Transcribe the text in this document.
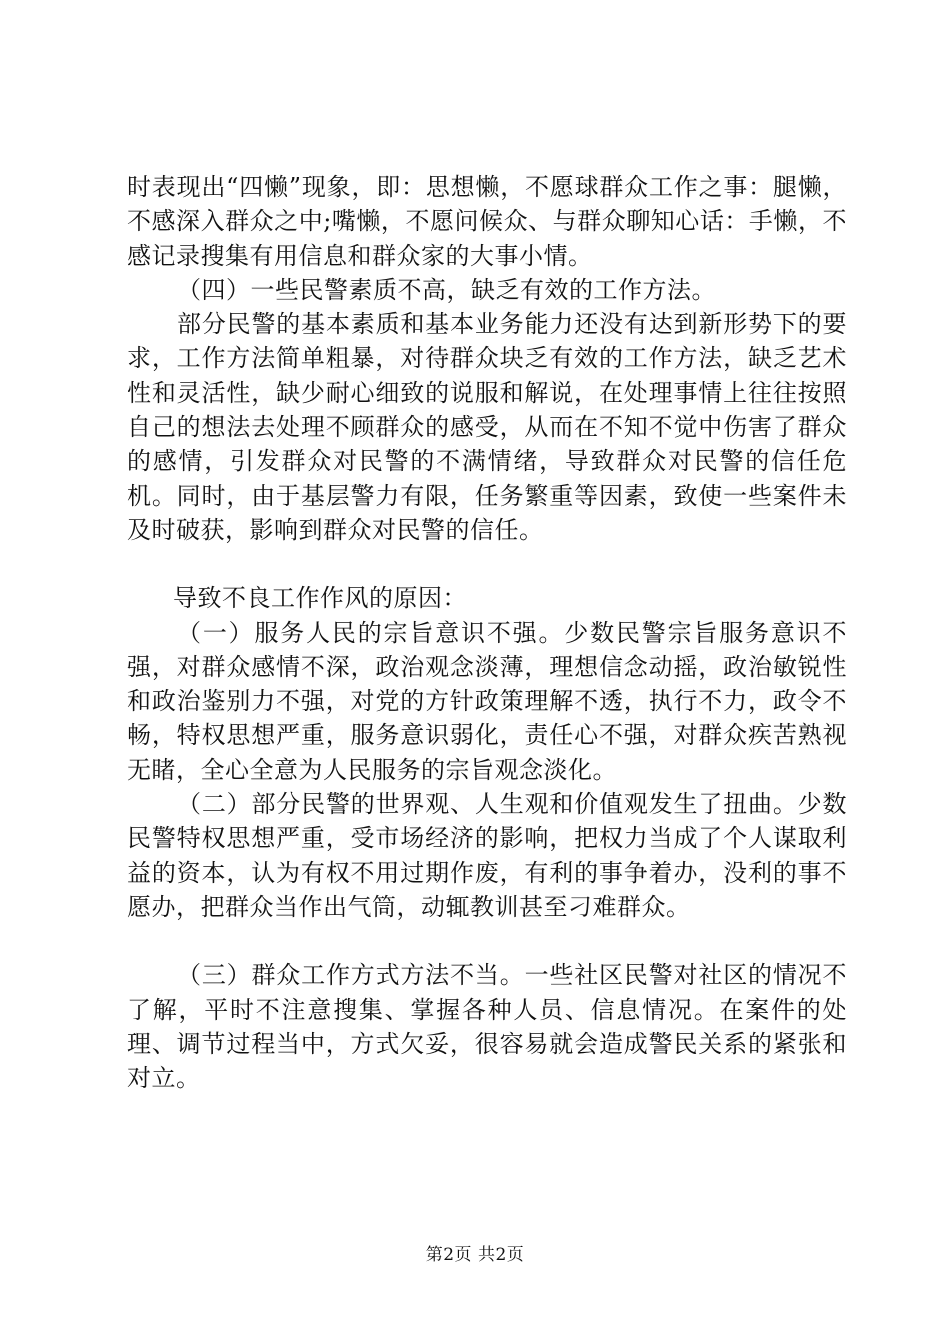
时表现出“四懒”现象，即：思想懒，不愿球群众工作之事：腿懒，不感深入群众之中;嘴懒，不愿问候众、与群众聊知心话：手懒，不感记录搜集有用信息和群众家的大事小情。

（四）一些民警素质不高，缺乏有效的工作方法。

部分民警的基本素质和基本业务能力还没有达到新形势下的要求，工作方法简单粗暴，对待群众块乏有效的工作方法，缺乏艺术性和灵活性，缺少耐心细致的说服和解说，在处理事情上往往按照自己的想法去处理不顾群众的感受，从而在不知不觉中伤害了群众的感情，引发群众对民警的不满情绪，导致群众对民警的信任危机。同时，由于基层警力有限，任务繁重等因素，致使一些案件未及时破获，影响到群众对民警的信任。

导致不良工作作风的原因：

（一）服务人民的宗旨意识不强。少数民警宗旨服务意识不强，对群众感情不深，政治观念淡薄，理想信念动摇，政治敏锐性和政治鉴别力不强，对党的方针政策理解不透，执行不力，政令不畅，特权思想严重，服务意识弱化，责任心不强，对群众疾苦熟视无睹，全心全意为人民服务的宗旨观念淡化。

（二）部分民警的世界观、人生观和价值观发生了扭曲。少数民警特权思想严重，受市场经济的影响，把权力当成了个人谋取利益的资本，认为有权不用过期作废，有利的事争着办，没利的事不愿办，把群众当作出气筒，动辄教训甚至刁难群众。

（三）群众工作方式方法不当。一些社区民警对社区的情况不了解，平时不注意搜集、掌握各种人员、信息情况。在案件的处理、调节过程当中，方式欠妥，很容易就会造成警民关系的紧张和对立。

第2页 共2页
